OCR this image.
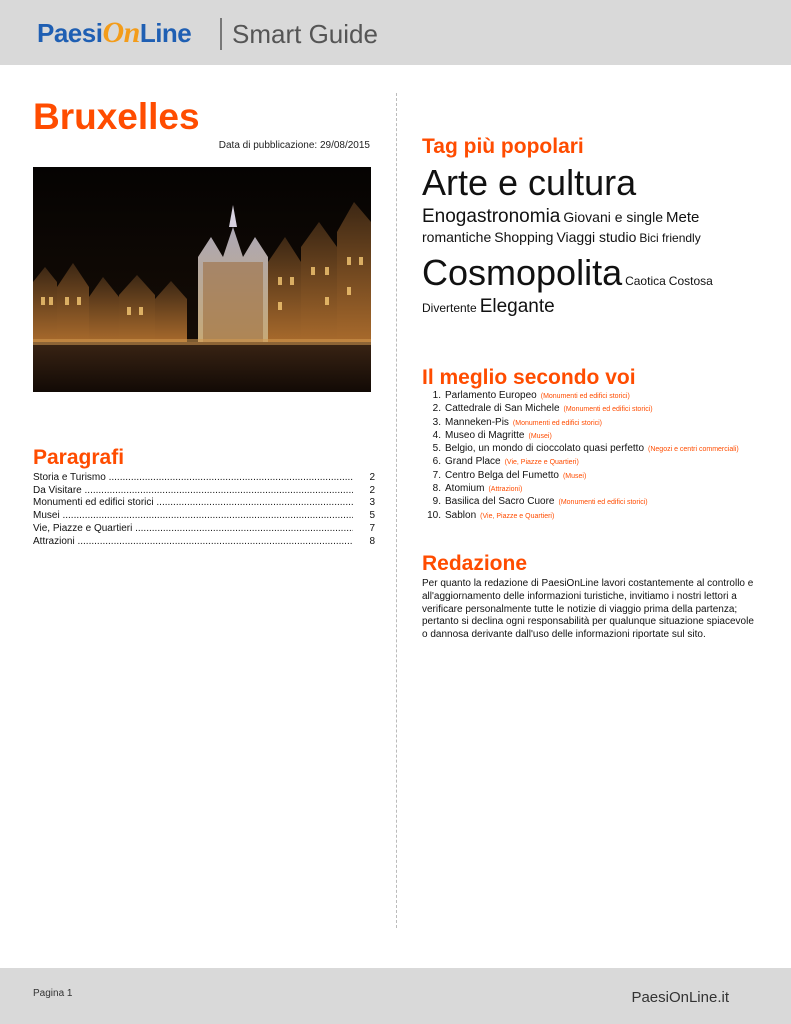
PaesiOnLine Smart Guide
Bruxelles
Data di pubblicazione: 29/08/2015
Paragrafi
Storia e Turismo .....	2
Da Visitare .....	2
Monumenti ed edifici storici .....	3
Musei .....	5
Vie, Piazze e Quartieri .....	7
Attrazioni .....	8
Tag più popolari
Arte e cultura
Enogastronomia Giovani e single Mete
romantiche Shopping Viaggi studio Bici friendly
Cosmopolita Caotica Costosa
Divertente Elegante
Il meglio secondo voi
1. Parlamento Europeo (Monumenti ed edifici storici)
2. Cattedrale di San Michele (Monumenti ed edifici storici)
3. Manneken-Pis (Monumenti ed edifici storici)
4. Museo di Magritte (Musei)
5. Belgio, un mondo di cioccolato quasi perfetto (Negozi e centri commerciali)
6. Grand Place (Vie, Piazze e Quartieri)
7. Centro Belga del Fumetto (Musei)
8. Atomium (Attrazioni)
9. Basilica del Sacro Cuore (Monumenti ed edifici storici)
10. Sablon (Vie, Piazze e Quartieri)
Redazione
Per quanto la redazione di PaesiOnLine lavori costantemente al controllo e all'aggiornamento delle informazioni turistiche, invitiamo i nostri lettori a verificare personalmente tutte le notizie di viaggio prima della partenza; pertanto si declina ogni responsabilità per qualunque situazione spiacevole o dannosa derivante dall'uso delle informazioni riportate sul sito.
Pagina 1	PaesiOnLine.it
